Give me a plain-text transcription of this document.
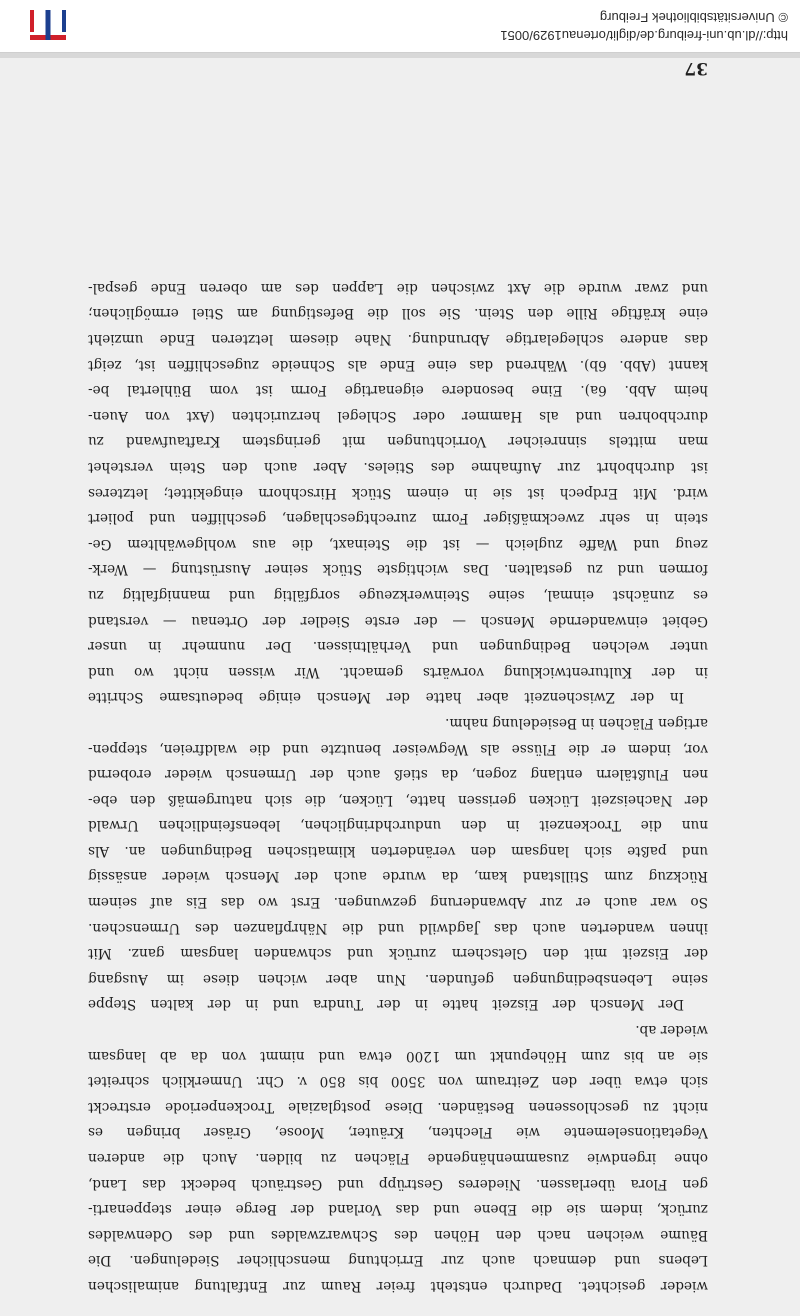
37
wieder gesichtet. Dadurch entsteht freier Raum zur Entfaltung animalischen
Lebens und demnach auch zur Errichtung menschlicher Siedelungen. Die
Bäume weichen nach den Höhen des Schwarzwaldes und des Odenwaldes
zurück, indem sie die Ebene und das Vorland der Berge einer steppenarti-
gen Flora überlassen. Niederes Gestrüpp und Gesträuch bedeckt das Land,
ohne irgendwie zusammenhängende Flächen zu bilden. Auch die anderen
Vegetationselemente wie Flechten, Kräuter, Moose, Gräser bringen es
nicht zu geschlossenen Beständen. Diese postglaziale Trockenperiode erstreckt
sich etwa über den Zeitraum von 3500 bis 850 v. Chr. Unmerklich schreitet
sie an bis zum Höhepunkt um 1200 etwa und nimmt von da ab langsam
wieder ab.
Der Mensch der Eiszeit hatte in der Tundra und in der kalten Steppe
seine Lebensbedingungen gefunden. Nun aber wichen diese im Ausgang
der Eiszeit mit den Gletschern zurück und schwanden langsam ganz. Mit
ihnen wanderten auch das Jagdwild und die Nährpflanzen des Urmenschen.
So war auch er zur Abwanderung gezwungen. Erst wo das Eis auf seinem
Rückzug zum Stillstand kam, da wurde auch der Mensch wieder ansässig
und paßte sich langsam den veränderten klimatischen Bedingungen an. Als
nun die Trockenzeit in den undurchdringlichen, lebensfeindlichen Urwald
der Nacheiszeit Lücken gerissen hatte, Lücken, die sich naturgemäß den ebe-
nen Flußtälern entlang zogen, da stieß auch der Urmensch wieder erobernd
vor, indem er die Flüsse als Wegweiser benutzte und die waldfreien, steppen-
artigen Flächen in Besiedelung nahm.
In der Zwischenzeit aber hatte der Mensch einige bedeutsame Schritte
in der Kulturentwicklung vorwärts gemacht. Wir wissen nicht wo und
unter welchen Bedingungen und Verhältnissen. Der nunmehr in unser
Gebiet einwandernde Mensch — der erste Siedler der Ortenau — verstand
es zunächst einmal, seine Steinwerkzeuge sorgfältig und mannigfaltig zu
formen und zu gestalten. Das wichtigste Stück seiner Ausrüstung — Werk-
zeug und Waffe zugleich — ist die Steinaxt, die aus wohlgewähltem Ge-
stein in sehr zweckmäßiger Form zurechtgeschlagen, geschliffen und poliert
wird. Mit Erdpech ist sie in einem Stück Hirschhorn eingekittet; letzteres
ist durchbohrt zur Aufnahme des Stieles. Aber auch den Stein verstehet
man mittels sinnreicher Vorrichtungen mit geringstem Kraftaufwand zu
durchbohren und als Hammer oder Schlegel herzurichten (Axt von Auen-
heim Abb. 6a). Eine besondere eigenartige Form ist vom Bühlertal be-
kannt (Abb. 6b). Während das eine Ende als Schneide zugeschliffen ist, zeigt
das andere schlegelartige Abrundung. Nahe diesem letzteren Ende umzieht
eine kräftige Rille den Stein. Sie soll die Befestigung am Stiel ermöglichen;
und zwar wurde die Axt zwischen die Lappen des am oberen Ende gespal-
http://dl.ub.uni-freiburg.de/diglit/ortenau1929/0051
© Universitätsbibliothek Freiburg
